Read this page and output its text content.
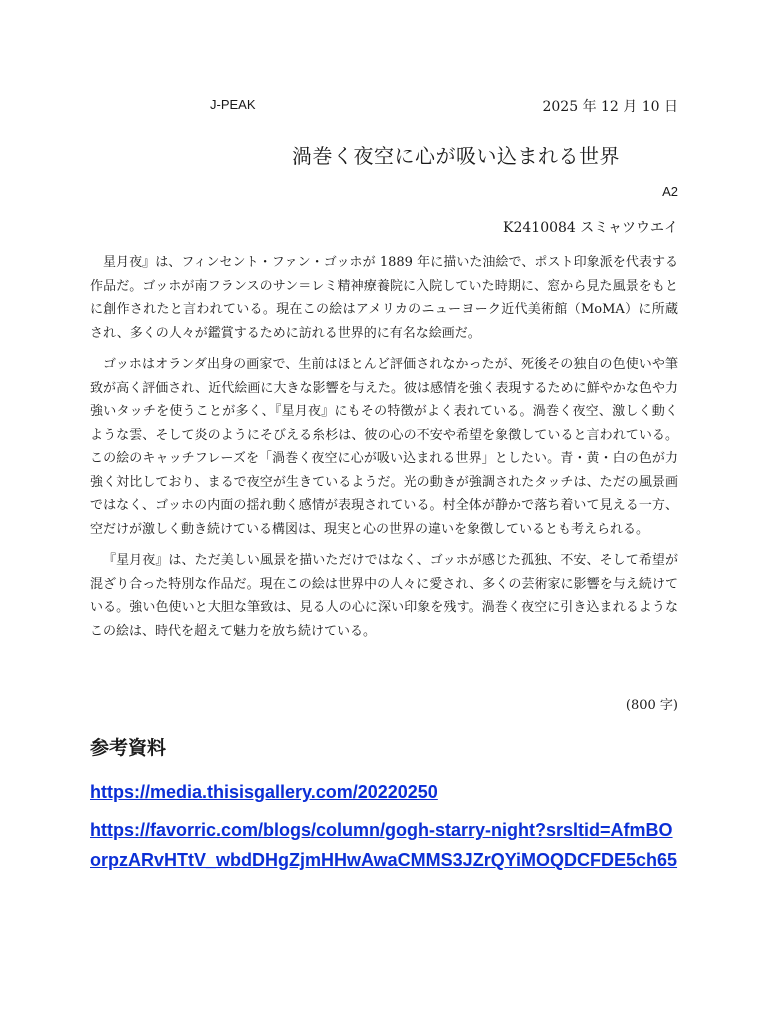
J-PEAK	2025 年 12 月 10 日
渦巻く夜空に心が吸い込まれる世界
A2
K2410084 スミャツウエイ

星月夜』は、フィンセント・ファン・ゴッホが 1889 年に描いた油絵で、ポスト印象派を代表する作品だ。ゴッホが南フランスのサン＝レミ精神療養院に入院していた時期に、窓から見た風景をもとに創作されたと言われている。現在この絵はアメリカのニューヨーク近代美術館（MoMA）に所蔵され、多くの人々が鑑賞するために訪れる世界的に有名な絵画だ。

ゴッホはオランダ出身の画家で、生前はほとんど評価されなかったが、死後その独自の色使いや筆致が高く評価され、近代絵画に大きな影響を与えた。彼は感情を強く表現するために鮮やかな色や力強いタッチを使うことが多く、『星月夜』にもその特徴がよく表れている。渦巻く夜空、激しく動くような雲、そして炎のようにそびえる糸杉は、彼の心の不安や希望を象徴していると言われている。この絵のキャッチフレーズを「渦巻く夜空に心が吸い込まれる世界」としたい。青・黄・白の色が力強く対比しており、まるで夜空が生きているようだ。光の動きが強調されたタッチは、ただの風景画ではなく、ゴッホの内面の揺れ動く感情が表現されている。村全体が静かで落ち着いて見える一方、空だけが激しく動き続けている構図は、現実と心の世界の違いを象徴しているとも考えられる。

『星月夜』は、ただ美しい風景を描いただけではなく、ゴッホが感じた孤独、不安、そして希望が混ざり合った特別な作品だ。現在この絵は世界中の人々に愛され、多くの芸術家に影響を与え続けている。強い色使いと大胆な筆致は、見る人の心に深い印象を残す。渦巻く夜空に引き込まれるようなこの絵は、時代を超えて魅力を放ち続けている。

(800 字)
参考資料
https://media.thisisgallery.com/20220250
https://favorric.com/blogs/column/gogh-starry-night?srsltid=AfmBOorpzARvHTtV_wbdDHgZjmHHwAwaCMMS3JZrQYiMOQDCFDE5ch65
